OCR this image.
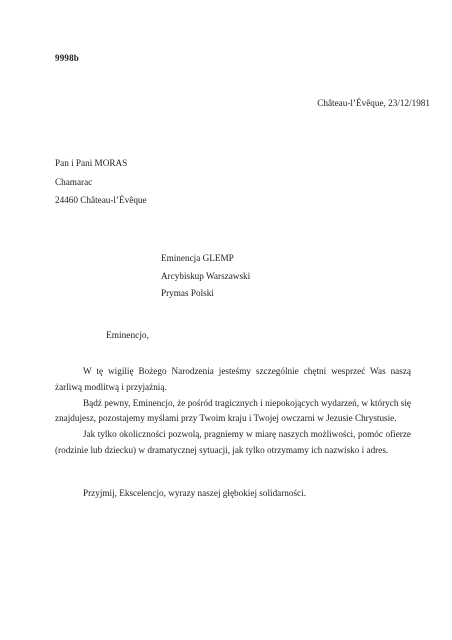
9998b
Château-l’Évêque, 23/12/1981
Pan i Pani MORAS
Chamarac
24460 Château-l’Évêque
Eminencja GLEMP
Arcybiskup Warszawski
Prymas Polski
Eminencjo,

W tę wigilię Bożego Narodzenia jesteśmy szczególnie chętni wesprzeć Was naszą żarliwą modlitwą i przyjaźnią.

Bądź pewny, Eminencjo, że pośród tragicznych i niepokojących wydarzeń, w których się znajdujesz, pozostajemy myślami przy Twoim kraju i Twojej owczarni w Jezusie Chrystusie.

Jak tylko okoliczności pozwolą, pragniemy w miarę naszych możliwości, pomóc ofierze (rodzinie lub dziecku) w dramatycznej sytuacji, jak tylko otrzymamy ich nazwisko i adres.

Przyjmij, Ekscelencjo, wyrazy naszej głębokiej solidarności.
